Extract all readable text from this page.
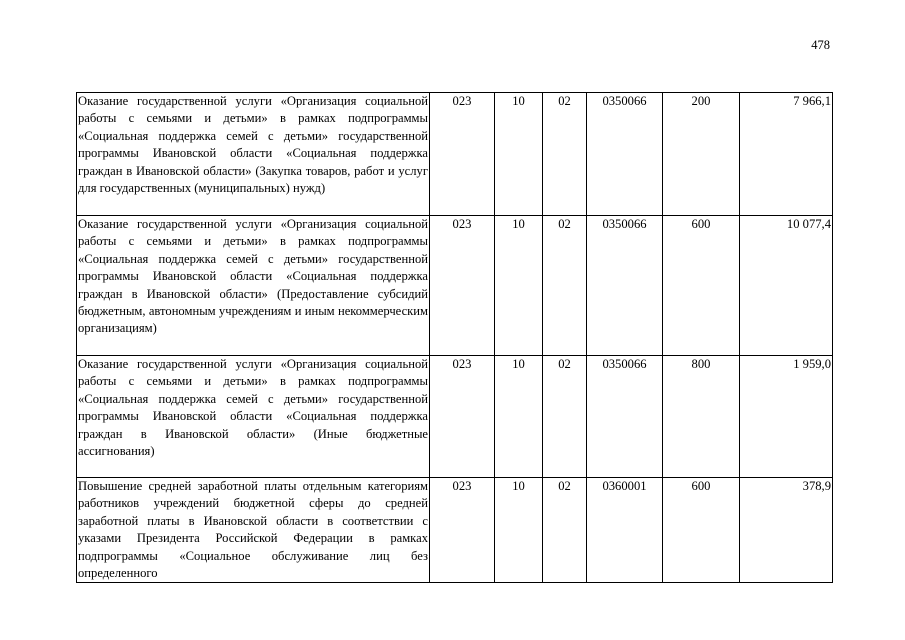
478
Оказание государственной услуги «Организация социальной работы с семьями и детьми» в рамках подпрограммы «Социальная поддержка семей с детьми» государственной программы Ивановской области «Социальная поддержка граждан в Ивановской области» (Закупка товаров, работ и услуг для государственных (муниципальных) нужд)	023	10	02	0350066	200	7 966,1
Оказание государственной услуги «Организация социальной работы с семьями и детьми» в рамках подпрограммы «Социальная поддержка семей с детьми» государственной программы Ивановской области «Социальная поддержка граждан в Ивановской области» (Предоставление субсидий бюджетным, автономным учреждениям и иным некоммерческим организациям)	023	10	02	0350066	600	10 077,4
Оказание государственной услуги «Организация социальной работы с семьями и детьми» в рамках подпрограммы «Социальная поддержка семей с детьми» государственной программы Ивановской области «Социальная поддержка граждан в Ивановской области» (Иные бюджетные ассигнования)	023	10	02	0350066	800	1 959,0
Повышение средней заработной платы отдельным категориям работников учреждений бюджетной сферы до средней заработной платы в Ивановской области в соответствии с указами Президента Российской Федерации в рамках подпрограммы «Социальное обслуживание лиц без определенного	023	10	02	0360001	600	378,9
